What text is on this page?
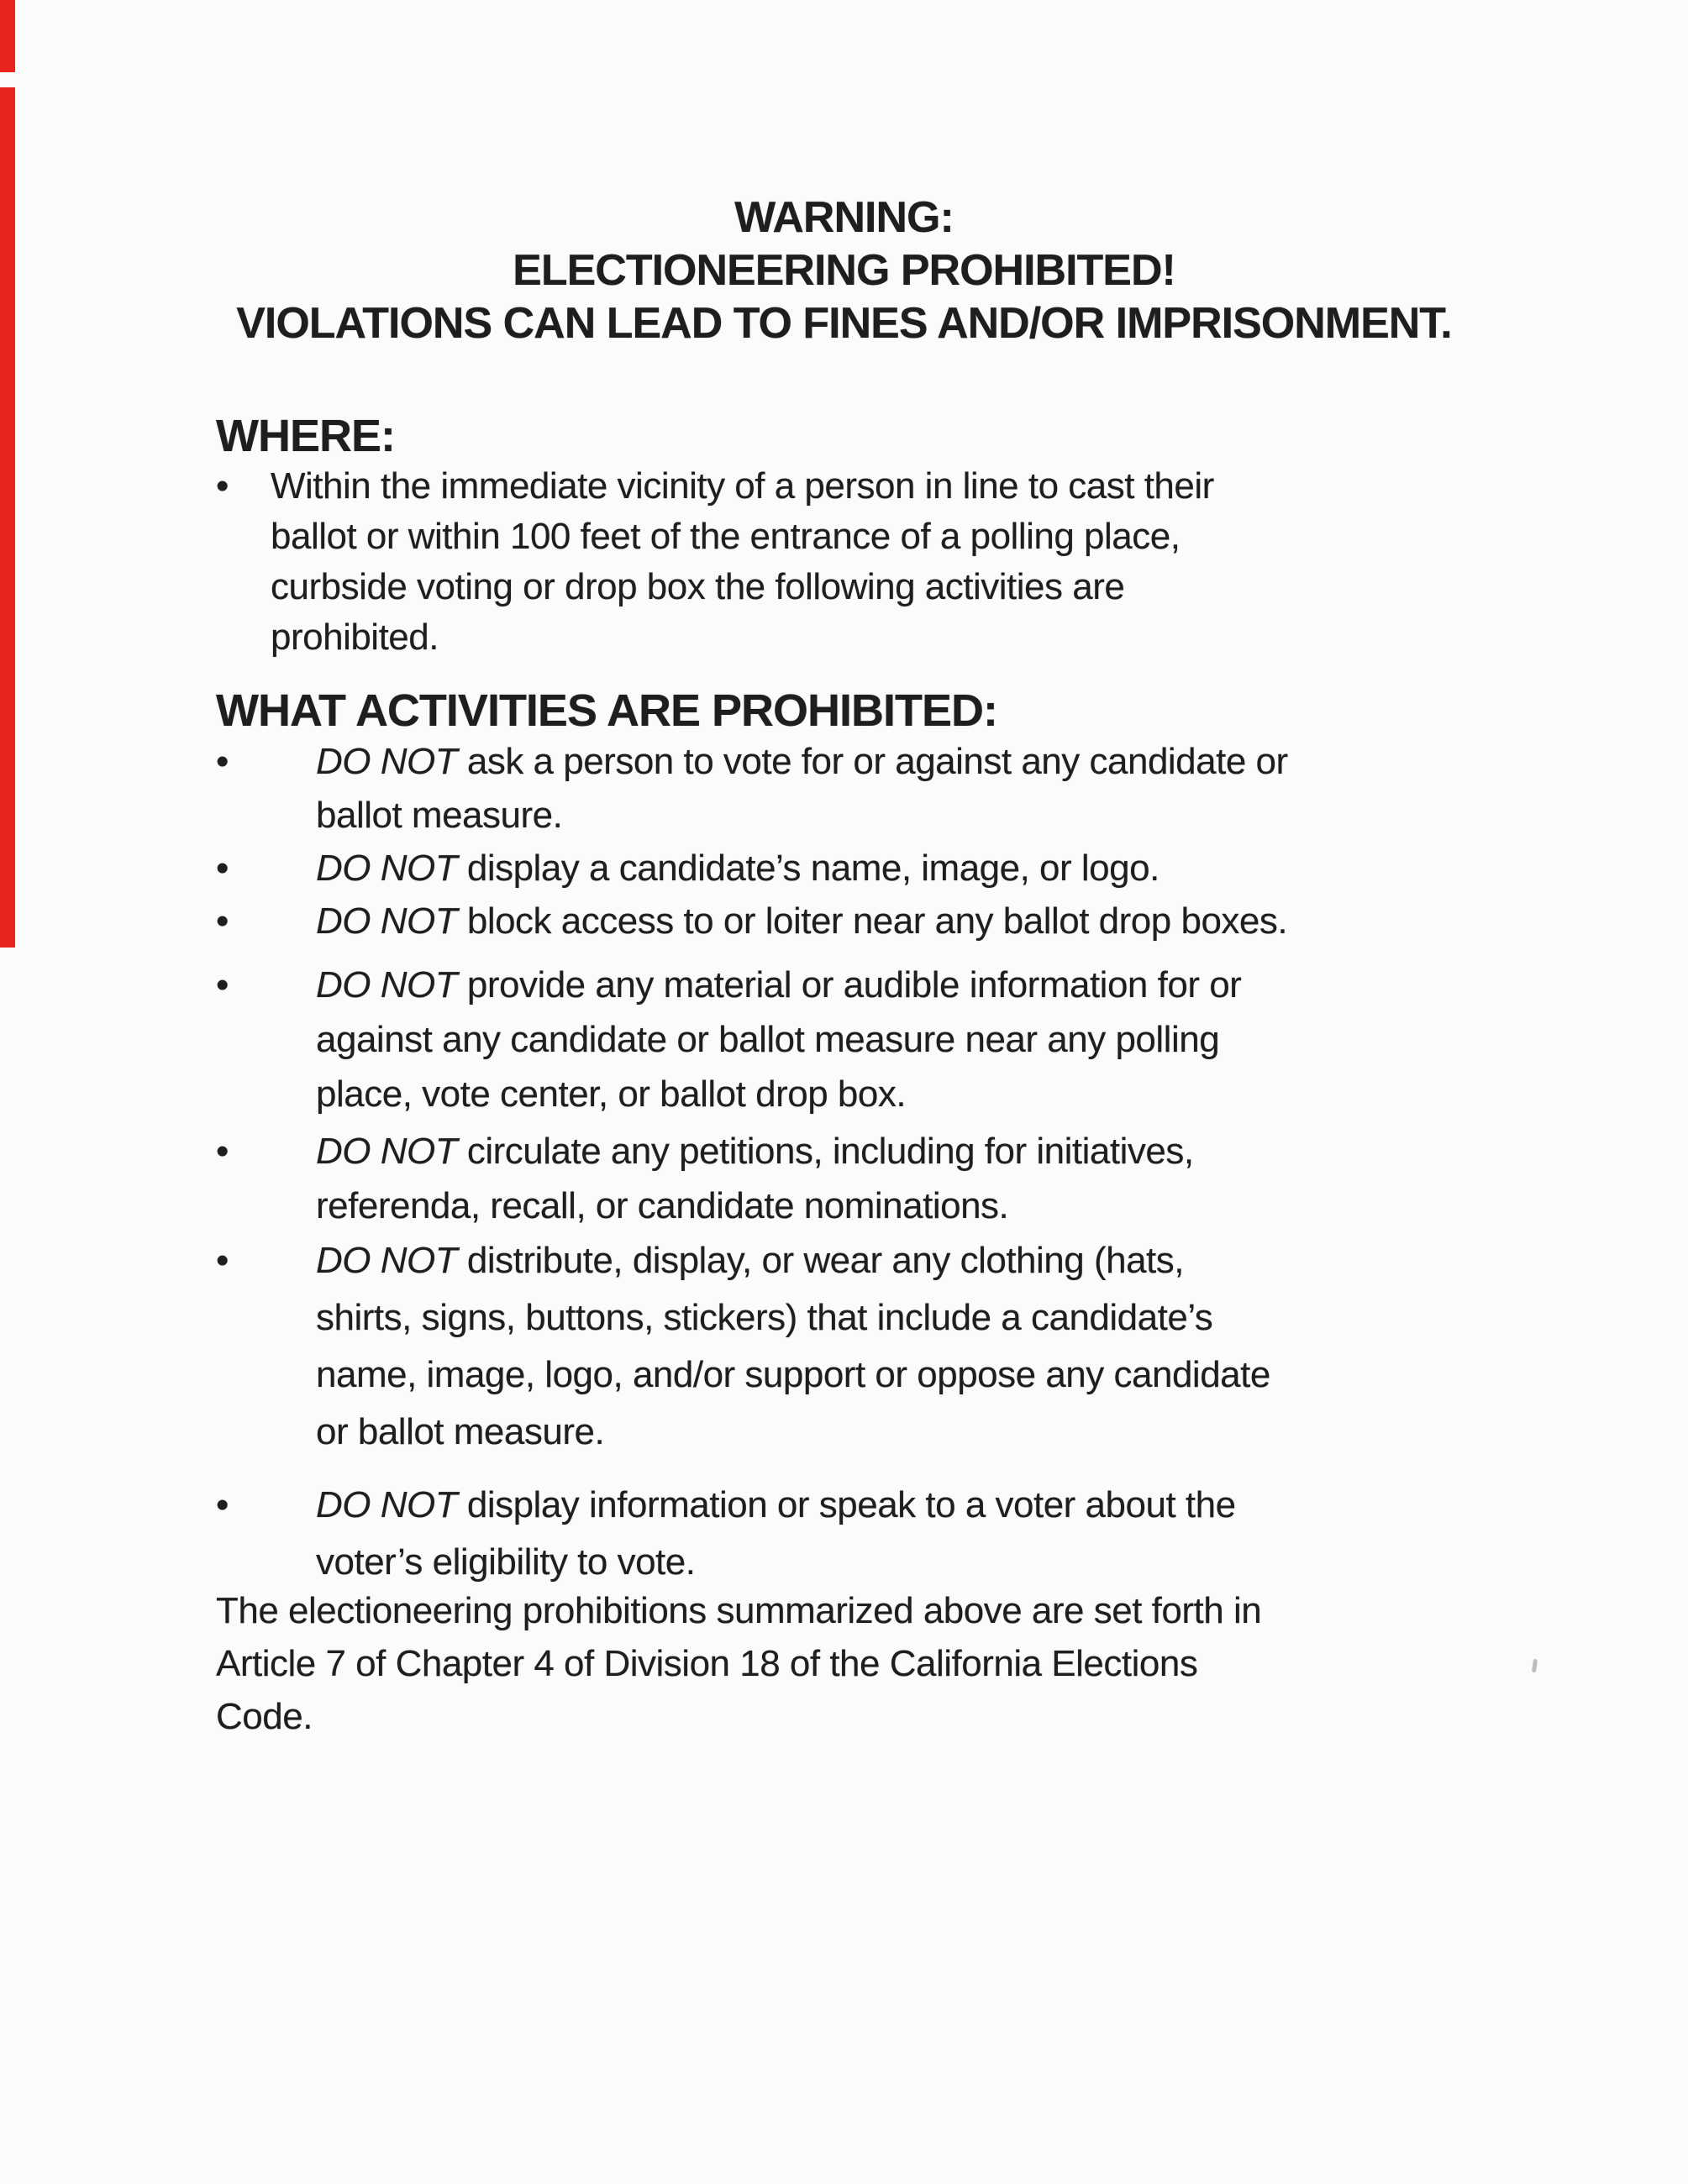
WARNING:
ELECTIONEERING PROHIBITED!
VIOLATIONS CAN LEAD TO FINES AND/OR IMPRISONMENT.
WHERE:
•	Within the immediate vicinity of a person in line to cast their
ballot or within 100 feet of the entrance of a polling place,
curbside voting or drop box the following activities are
prohibited.
WHAT ACTIVITIES ARE PROHIBITED:
•	DO NOT ask a person to vote for or against any candidate or
ballot measure.
•	DO NOT display a candidate’s name, image, or logo.
•	DO NOT block access to or loiter near any ballot drop boxes.
•	DO NOT provide any material or audible information for or
against any candidate or ballot measure near any polling
place, vote center, or ballot drop box.
•	DO NOT circulate any petitions, including for initiatives,
referenda, recall, or candidate nominations.
•	DO NOT distribute, display, or wear any clothing (hats,
shirts, signs, buttons, stickers) that include a candidate’s
name, image, logo, and/or support or oppose any candidate
or ballot measure.
•	DO NOT display information or speak to a voter about the
voter’s eligibility to vote.
The electioneering prohibitions summarized above are set forth in
Article 7 of Chapter 4 of Division 18 of the California Elections
Code.
